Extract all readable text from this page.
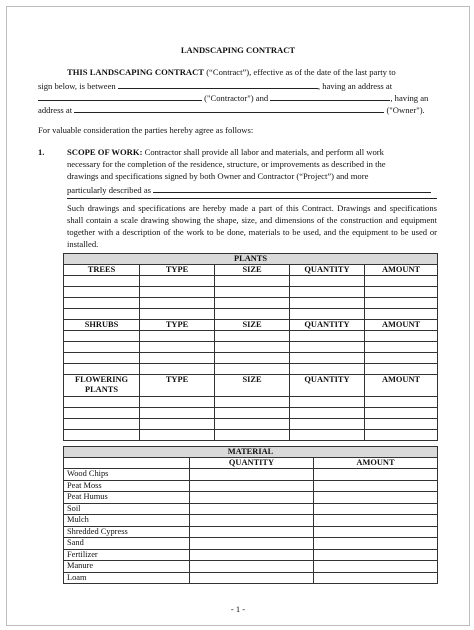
LANDSCAPING CONTRACT
THIS LANDSCAPING CONTRACT (“Contract”), effective as of the date of the last party to
sign below, is between	, having an address at
("Contractor") and	, having an
address at	("Owner").
For valuable consideration the parties hereby agree as follows:
1.	SCOPE OF WORK: Contractor shall provide all labor and materials, and perform all work
necessary for the completion of the residence, structure, or improvements as described in the
drawings and specifications signed by both Owner and Contractor (“Project”) and more
particularly described as
Such drawings and specifications are hereby made a part of this Contract. Drawings and specifications shall contain a scale drawing showing the shape, size, and dimensions of the construction and equipment together with a description of the work to be done, materials to be used, and the equipment to be used or installed.
PLANTS				
TREES	TYPE	SIZE	QUANTITY	AMOUNT

SHRUBS	TYPE	SIZE	QUANTITY	AMOUNT

FLOWERING PLANTS	TYPE	SIZE	QUANTITY	AMOUNT

MATERIAL		
	QUANTITY	AMOUNT
Wood Chips		
Peat Moss		
Peat Humus		
Soil		
Mulch		
Shredded Cypress		
Sand		
Fertilizer		
Manure		
Loam		
- 1 -
